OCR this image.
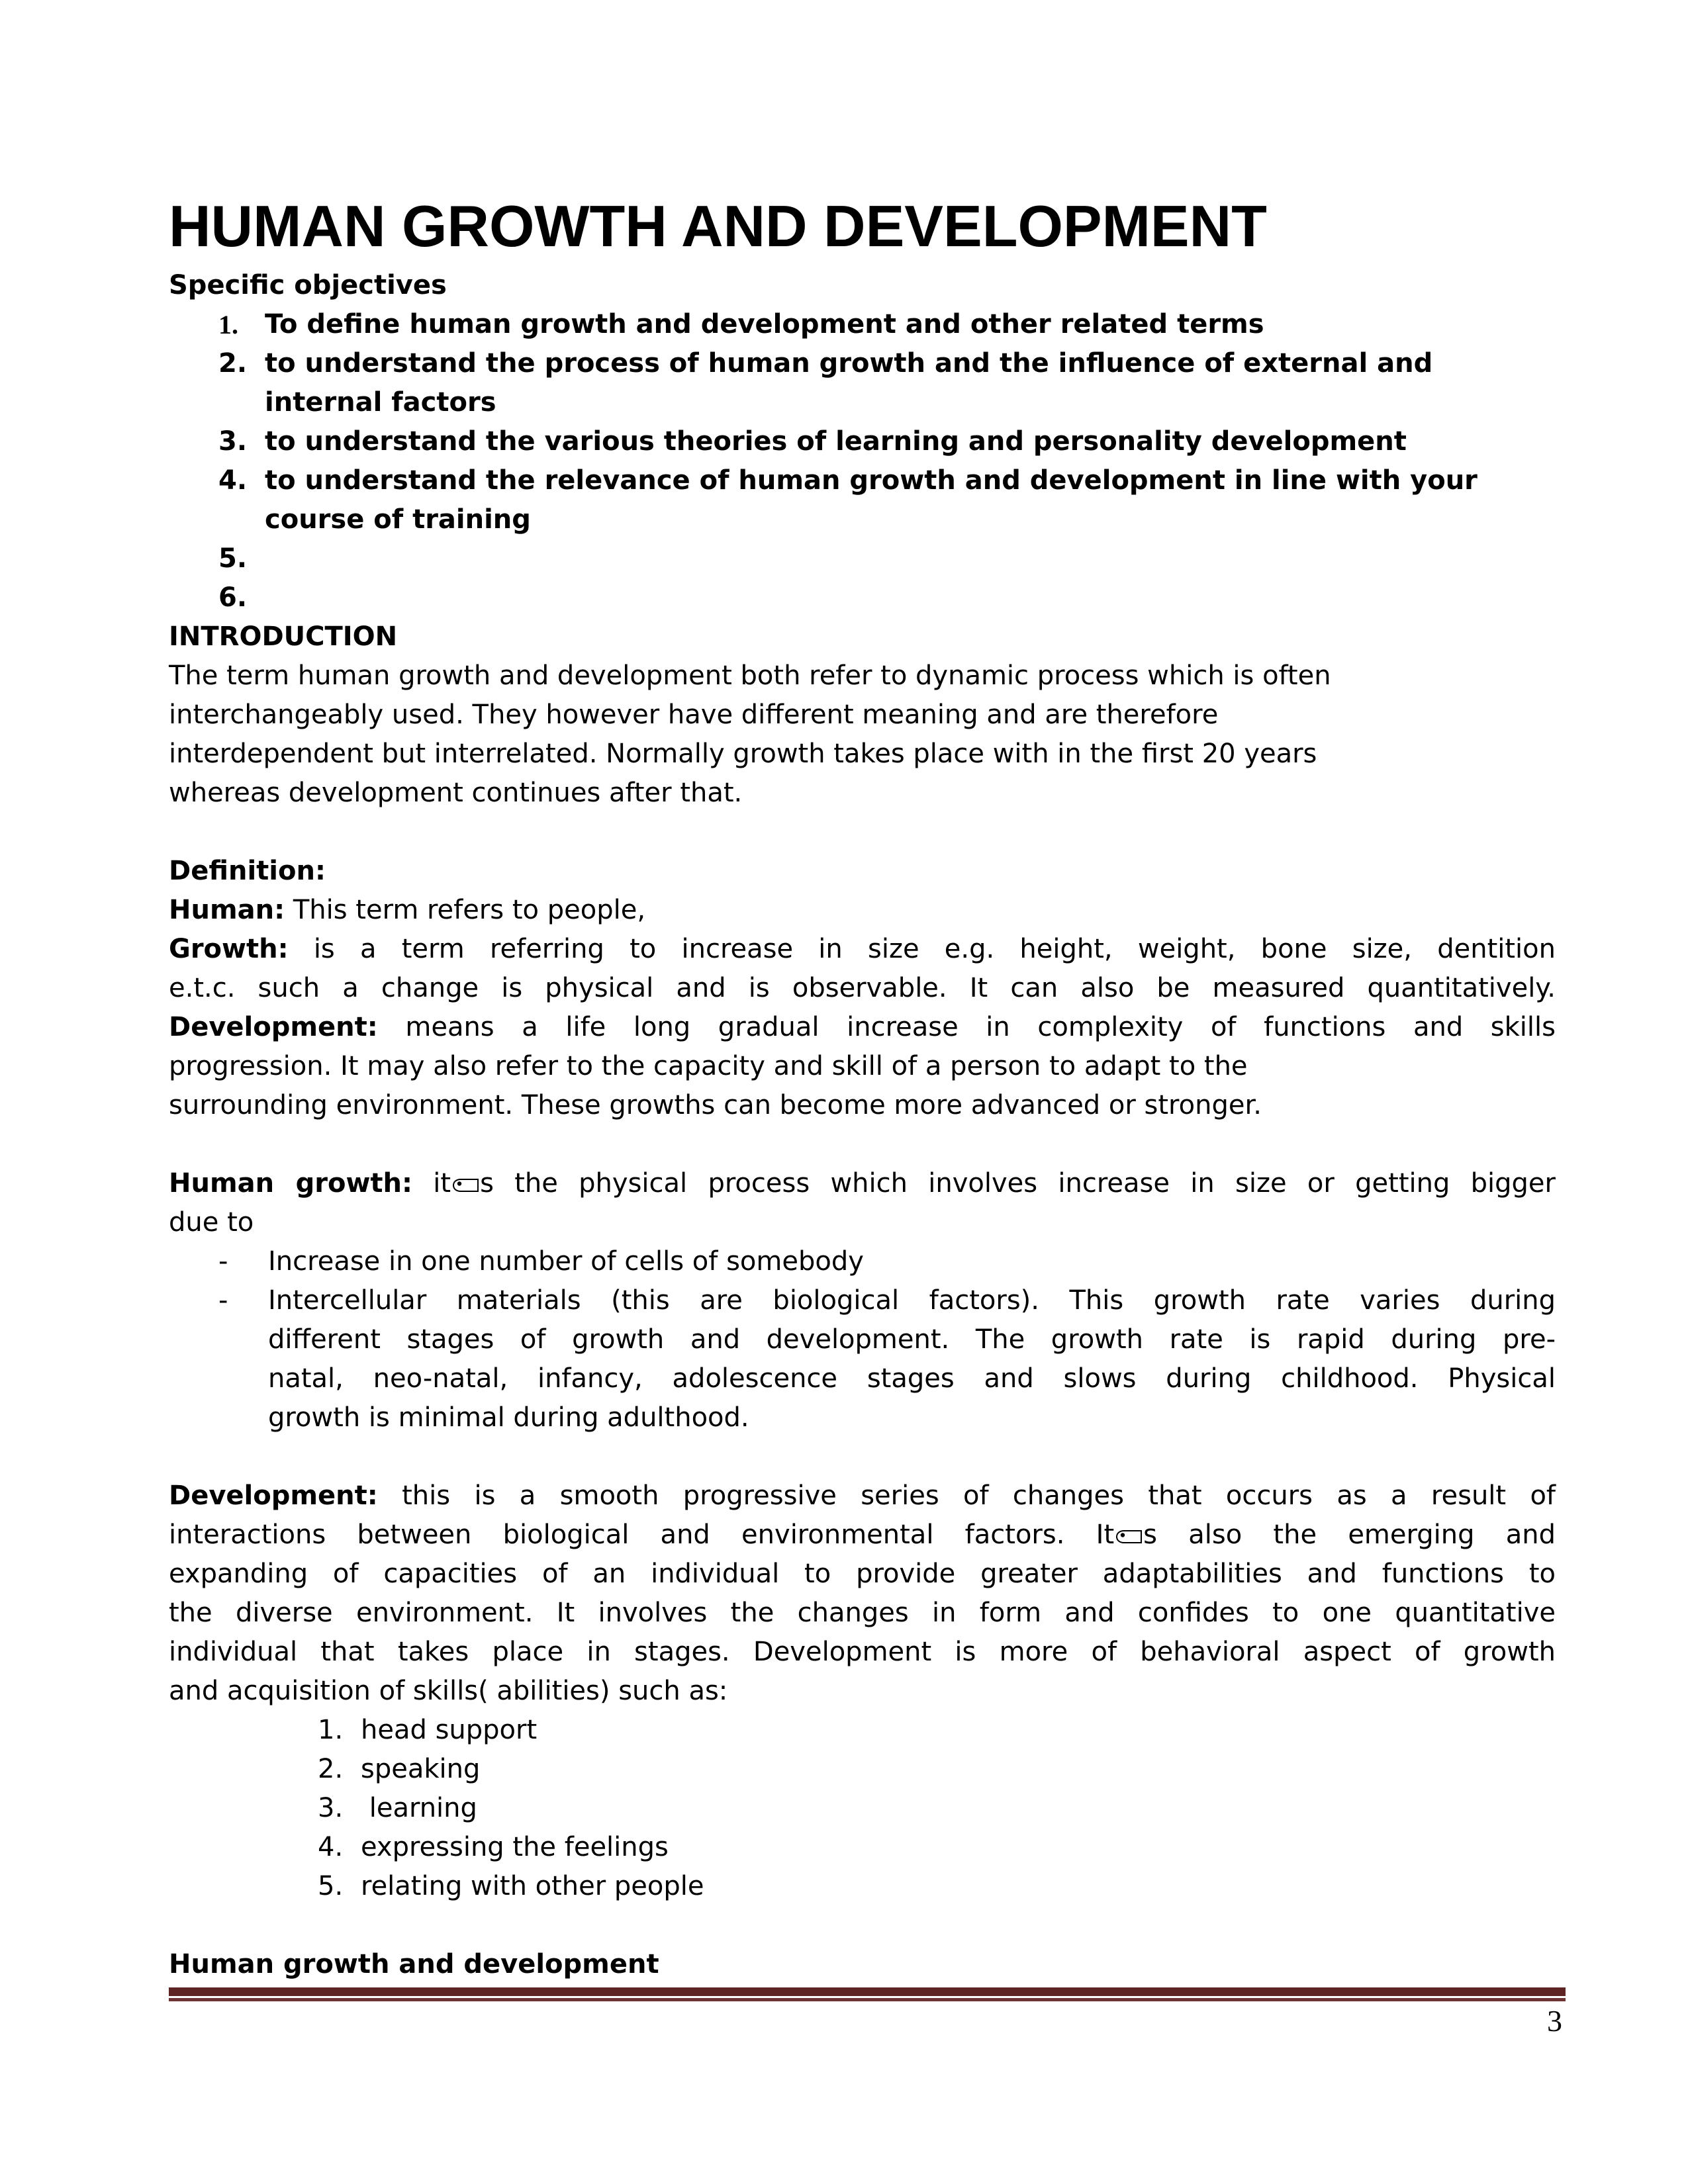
HUMAN GROWTH AND DEVELOPMENT
Specific objectives
1.	To define human growth and development and other related terms
2. to understand the process of human growth and the influence of external and
internal factors
3. to understand the various theories of learning and personality development
4. to understand the relevance of human growth and development in line with your
course of training
5.
6.
INTRODUCTION
The term human growth and development both refer to dynamic process which is often
interchangeably used. They however have different meaning and are therefore
interdependent but interrelated. Normally growth takes place with in the first 20 years
whereas development continues after that.
Definition:
Human: This term refers to people,
Growth: is a term referring to increase in size e.g. height, weight, bone size, dentition
e.t.c. such a change is physical and is observable. It can also be measured quantitatively.
Development: means a life long gradual increase in complexity of functions and skills
progression. It may also refer to the capacity and skill of a person to adapt to the
surrounding environment. These growths can become more advanced or stronger.
Human growth: it s the physical process which involves increase in size or getting bigger
due to
-	Increase in one number of cells of somebody
-	Intercellular materials (this are biological factors). This growth rate varies during
different stages of growth and development. The growth rate is rapid during pre-
natal, neo-natal, infancy, adolescence stages and slows during childhood. Physical
growth is minimal during adulthood.
Development: this is a smooth progressive series of changes that occurs as a result of
interactions between biological and environmental factors. It s also the emerging and
expanding of capacities of an individual to provide greater adaptabilities and functions to
the diverse environment. It involves the changes in form and confides to one quantitative
individual that takes place in stages. Development is more of behavioral aspect of growth
and acquisition of skills( abilities) such as:
1. head support
2. speaking
3. learning
4. expressing the feelings
5. relating with other people
Human growth and development
3
